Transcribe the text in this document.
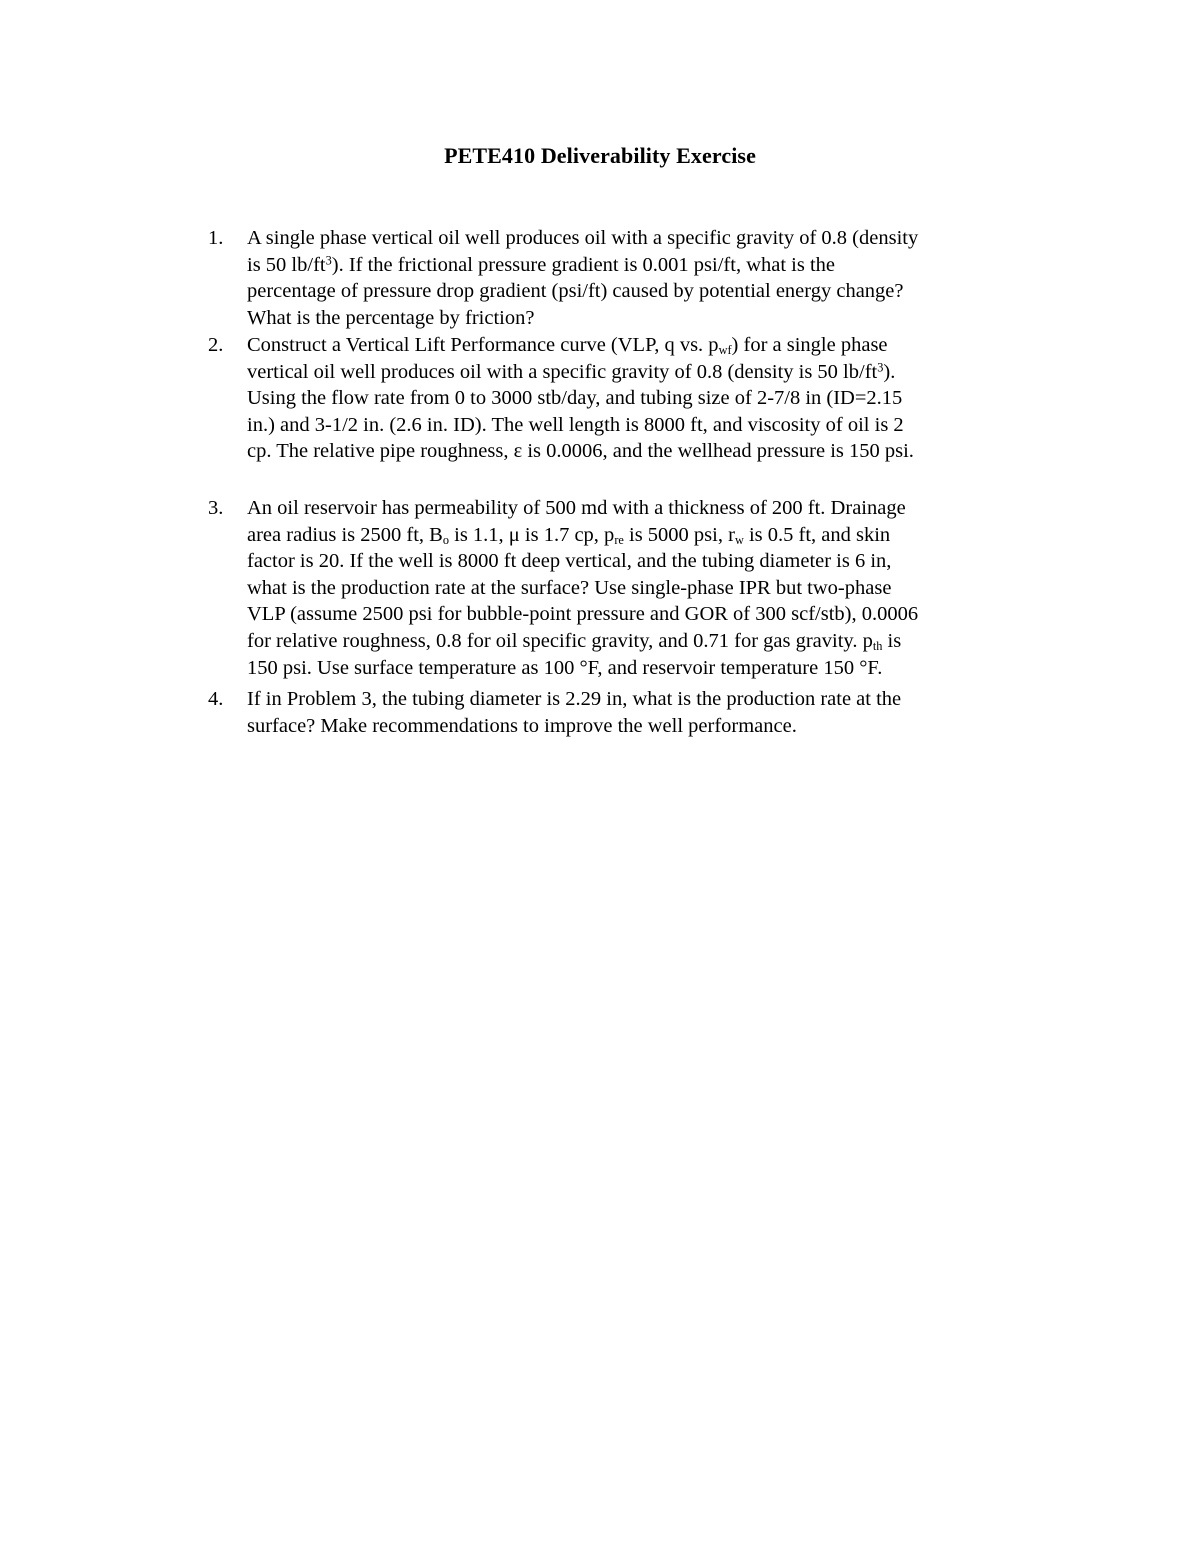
PETE410 Deliverability Exercise
1.	A single phase vertical oil well produces oil with a specific gravity of 0.8 (density
is 50 $lb/ft^3$). If the frictional pressure gradient is 0.001 psi/ft, what is the
percentage of pressure drop gradient (psi/ft) caused by potential energy change?
What is the percentage by friction?
2.	Construct a Vertical Lift Performance curve (VLP, q vs. $p_{wf}$) for a single phase
vertical oil well produces oil with a specific gravity of 0.8 (density is 50 $lb/ft^3$).
Using the flow rate from 0 to 3000 stb/day, and tubing size of 2-7/8 in (ID=2.15
in.) and 3-1/2 in. (2.6 in. ID). The well length is 8000 ft, and viscosity of oil is 2
cp. The relative pipe roughness, ε is 0.0006, and the wellhead pressure is 150 psi.
3.	An oil reservoir has permeability of 500 md with a thickness of 200 ft. Drainage
area radius is 2500 ft, $B_o$ is 1.1, μ is 1.7 cp, $p_{re}$ is 5000 psi, $r_w$ is 0.5 ft, and skin
factor is 20. If the well is 8000 ft deep vertical, and the tubing diameter is 6 in,
what is the production rate at the surface? Use single-phase IPR but two-phase
VLP (assume 2500 psi for bubble-point pressure and GOR of 300 scf/stb), 0.0006
for relative roughness, 0.8 for oil specific gravity, and 0.71 for gas gravity. $p_{th}$ is
150 psi. Use surface temperature as 100 °F, and reservoir temperature 150 °F.
4.	If in Problem 3, the tubing diameter is 2.29 in, what is the production rate at the
surface? Make recommendations to improve the well performance.
